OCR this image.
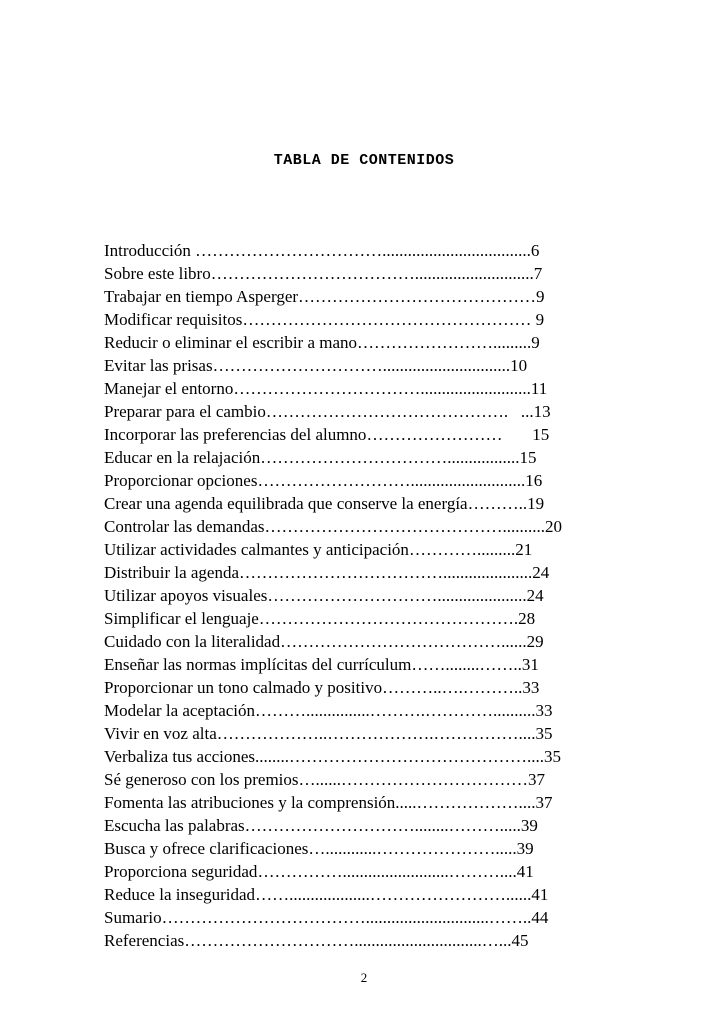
TABLA DE CONTENIDOS
Introducción ……………………………...................................6
Sobre este libro………………………………............................7
Trabajar en tiempo Asperger……………………………………9
Modificar requisitos…………………………………………… 9
Reducir o eliminar el escribir a mano…………………….........9
Evitar las prisas…………………………..............................10
Manejar el entorno……………………………..........................11
Preparar para el cambio…………………………………….   ...13
Incorporar las preferencias del alumno……………………       15
Educar en la relajación…………………………….................15
Proporcionar opciones………………………...........................16
Crear una agenda equilibrada que conserve la energía………..19
Controlar las demandas……………………………………..........20
Utilizar actividades calmantes y anticipación………….........21
Distribuir la agenda……………………………….....................24
Utilizar apoyos visuales………………………….....................24
Simplificar el lenguaje……………………………………….28
Cuidado con la literalidad…………………………………......29
Enseñar las normas implícitas del currículum……........……..31
Proporcionar un tono calmado y positivo………..….………..33
Modelar la aceptación………...............……….…………..........33
Vivir en voz alta………………..……………….……………....35
Verbaliza tus acciones........……………………………………....35
Sé generoso con los premios…......……………………………37
Fomenta las atribuciones y la comprensión.....………………....37
Escucha las palabras…………………………........……….....39
Busca y ofrece clarificaciones…............………………….....39
Proporciona seguridad…………….........................………....41
Reduce la inseguridad……...................……………………......41
Sumario……………………………….............................……..44
Referencias…………………………..............................…...45
2
